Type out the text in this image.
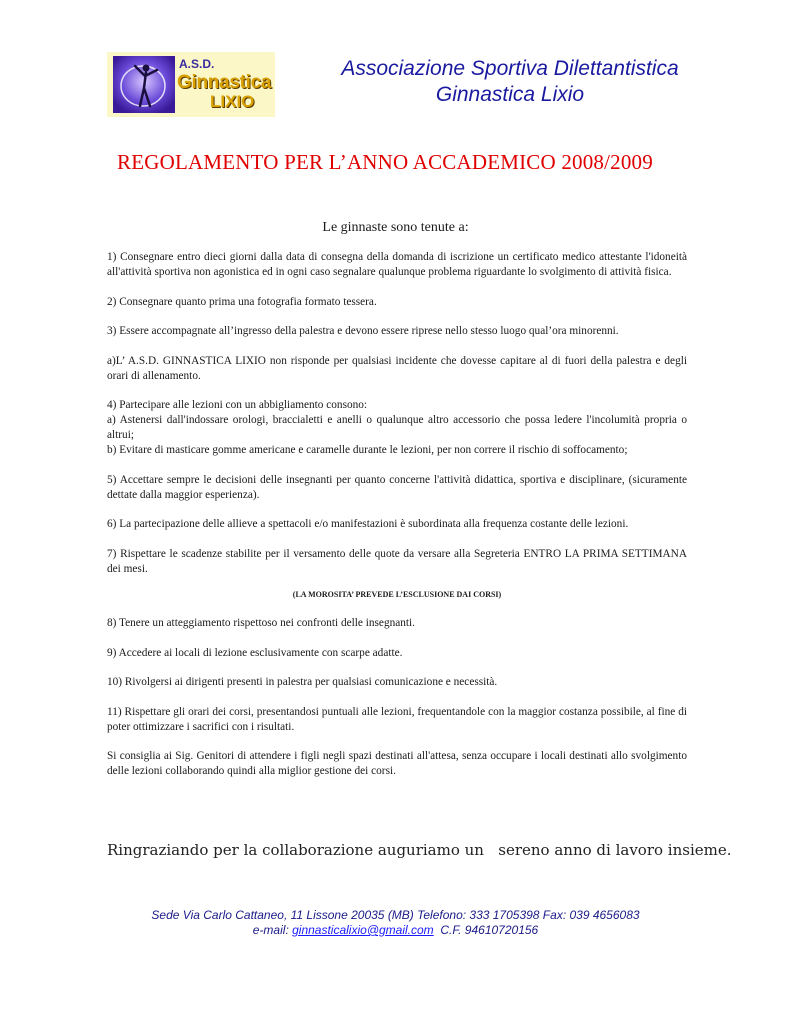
A.S.D.
Ginnastica
LIXIO
Associazione Sportiva Dilettantistica
Ginnastica Lixio
REGOLAMENTO PER L’ANNO ACCADEMICO 2008/2009
Le ginnaste sono tenute a:

1) Consegnare entro dieci giorni dalla data di consegna della domanda di iscrizione un certificato medico attestante l'idoneità all'attività sportiva non agonistica ed in ogni caso segnalare qualunque problema riguardante lo svolgimento di attività fisica.

2) Consegnare quanto prima una fotografia formato tessera.

3) Essere accompagnate all’ingresso della palestra e devono essere riprese nello stesso luogo qual’ora minorenni.

a)L’ A.S.D. GINNASTICA LIXIO non risponde per qualsiasi incidente che dovesse capitare al di fuori della palestra e degli orari di allenamento.

4) Partecipare alle lezioni con un abbigliamento consono:
a) Astenersi dall'indossare orologi, braccialetti e anelli o qualunque altro accessorio che possa ledere l'incolumità propria o altrui;
b) Evitare di masticare gomme americane e caramelle durante le lezioni, per non correre il rischio di soffocamento;

5) Accettare sempre le decisioni delle insegnanti per quanto concerne l'attività didattica, sportiva e disciplinare, (sicuramente dettate dalla maggior esperienza).

6) La partecipazione delle allieve a spettacoli e/o manifestazioni è subordinata alla frequenza costante delle lezioni.

7) Rispettare le scadenze stabilite per il versamento delle quote da versare alla Segreteria ENTRO LA PRIMA SETTIMANA dei mesi.

(LA MOROSITA’ PREVEDE L’ESCLUSIONE DAI CORSI)

8) Tenere un atteggiamento rispettoso nei confronti delle insegnanti.

9) Accedere ai locali di lezione esclusivamente con scarpe adatte.

10) Rivolgersi ai dirigenti presenti in palestra per qualsiasi comunicazione e necessità.

11) Rispettare gli orari dei corsi, presentandosi puntuali alle lezioni, frequentandole con la maggior costanza possibile, al fine di poter ottimizzare i sacrifici con i risultati.

Si consiglia ai Sig. Genitori di attendere i figli negli spazi destinati all'attesa, senza occupare i locali destinati allo svolgimento delle lezioni collaborando quindi alla miglior gestione dei corsi.

Ringraziando per la collaborazione auguriamo un   sereno anno di lavoro insieme.
Sede Via Carlo Cattaneo, 11 Lissone 20035 (MB) Telefono: 333 1705398 Fax: 039 4656083
e-mail: ginnasticalixio@gmail.com  C.F. 94610720156
